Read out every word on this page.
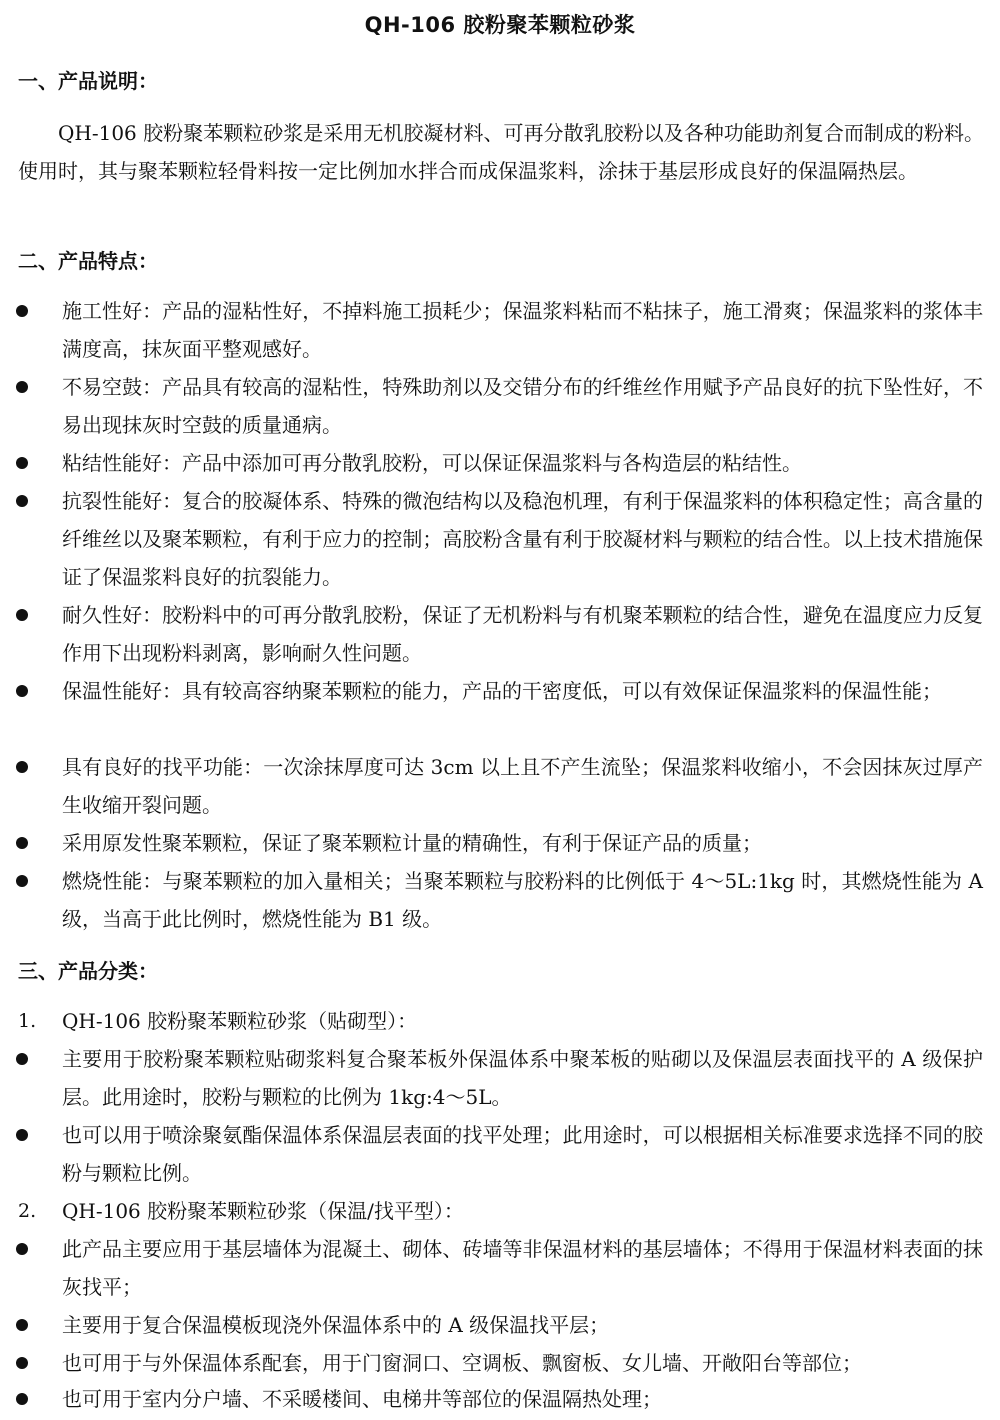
QH-106 胶粉聚苯颗粒砂浆
一、产品说明：

QH-106 胶粉聚苯颗粒砂浆是采用无机胶凝材料、可再分散乳胶粉以及各种功能助剂复合而制成的粉料。使用时，其与聚苯颗粒轻骨料按一定比例加水拌合而成保温浆料，涂抹于基层形成良好的保温隔热层。

二、产品特点：

施工性好：产品的湿粘性好，不掉料施工损耗少；保温浆料粘而不粘抹子，施工滑爽；保温浆料的浆体丰满度高，抹灰面平整观感好。

不易空鼓：产品具有较高的湿粘性，特殊助剂以及交错分布的纤维丝作用赋予产品良好的抗下坠性好，不易出现抹灰时空鼓的质量通病。

粘结性能好：产品中添加可再分散乳胶粉，可以保证保温浆料与各构造层的粘结性。

抗裂性能好：复合的胶凝体系、特殊的微泡结构以及稳泡机理，有利于保温浆料的体积稳定性；高含量的纤维丝以及聚苯颗粒，有利于应力的控制；高胶粉含量有利于胶凝材料与颗粒的结合性。以上技术措施保证了保温浆料良好的抗裂能力。

耐久性好：胶粉料中的可再分散乳胶粉，保证了无机粉料与有机聚苯颗粒的结合性，避免在温度应力反复作用下出现粉料剥离，影响耐久性问题。

保温性能好：具有较高容纳聚苯颗粒的能力，产品的干密度低，可以有效保证保温浆料的保温性能；

具有良好的找平功能：一次涂抹厚度可达 3cm 以上且不产生流坠；保温浆料收缩小，不会因抹灰过厚产生收缩开裂问题。

采用原发性聚苯颗粒，保证了聚苯颗粒计量的精确性，有利于保证产品的质量；

燃烧性能：与聚苯颗粒的加入量相关；当聚苯颗粒与胶粉料的比例低于 4～5L:1kg 时，其燃烧性能为 A 级，当高于此比例时，燃烧性能为 B1 级。

三、产品分类：
1. QH-106 胶粉聚苯颗粒砂浆（贴砌型）：

主要用于胶粉聚苯颗粒贴砌浆料复合聚苯板外保温体系中聚苯板的贴砌以及保温层表面找平的 A 级保护层。此用途时，胶粉与颗粒的比例为 1kg:4～5L。

也可以用于喷涂聚氨酯保温体系保温层表面的找平处理；此用途时，可以根据相关标准要求选择不同的胶粉与颗粒比例。

2. QH-106 胶粉聚苯颗粒砂浆（保温/找平型）：

此产品主要应用于基层墙体为混凝土、砌体、砖墙等非保温材料的基层墙体；不得用于保温材料表面的抹灰找平；

主要用于复合保温模板现浇外保温体系中的 A 级保温找平层；

也可用于与外保温体系配套，用于门窗洞口、空调板、飘窗板、女儿墙、开敞阳台等部位；

也可用于室内分户墙、不采暖楼间、电梯井等部位的保温隔热处理；
